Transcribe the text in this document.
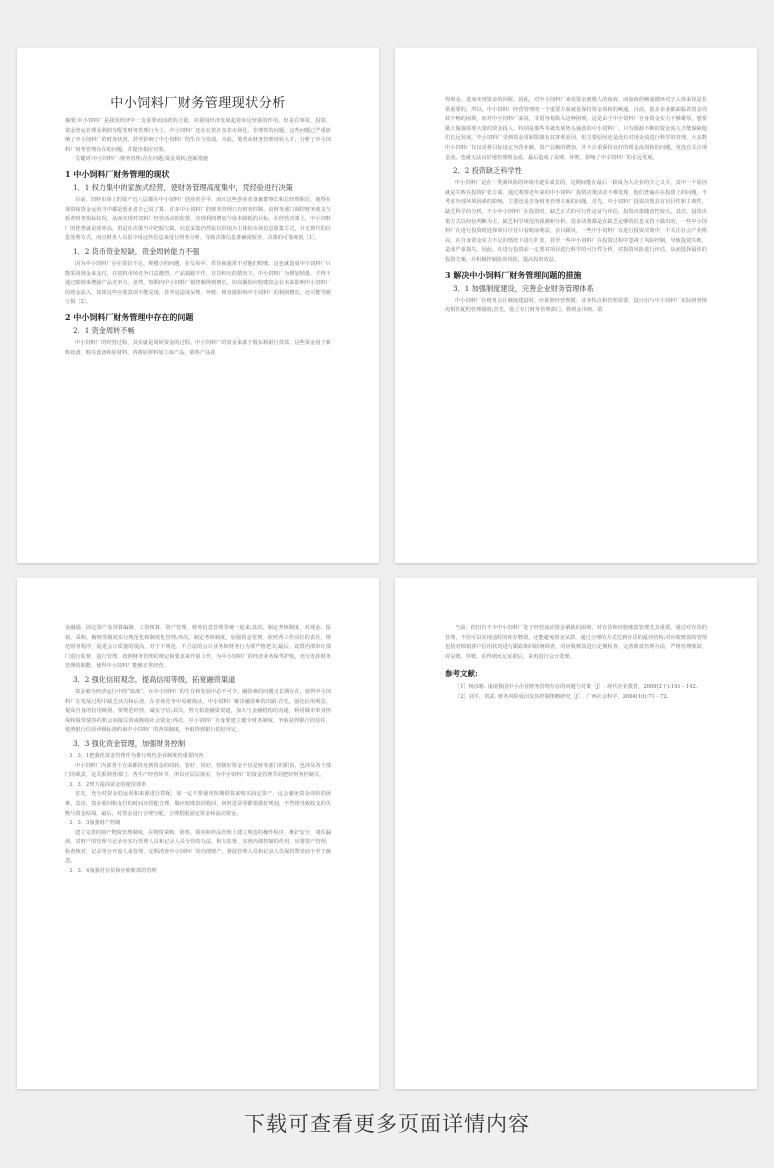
中小饲料厂财务管理现状分析

摘要:中小饲料厂是我国经济中一支重要而活跃的力量，对我国经济发展起着举足轻重的作用。但是在筹资、投资、资金营运管理及利润分配等财务管理行为上，中小饲料厂还存在着许多非市场化、非理性的问题，这些问题已严重影响了中小饲料厂的财务状况，甚至影响了中小饲料厂的生存与发展。为此，笔者从财务管理现状入手，分析了中小饲料厂财务管理存在的问题，并提出相应对策。

关键词:中小饲料厂;财务管理;存在问题;资金周转;创新措施

1 中小饲料厂财务管理的现状
1．1 权力集中的家族式经营，使财务管理高度集中，凭经验进行决策

目前，饲料市场上的资产近八层都在中小饲料厂创业者手中，而且这些创业者身兼董事长和总经理职位，使得在筹资和资金运用当中都是创业者自己说了算，许多中小饲料厂的财务管理只有财务控制，由财务部门调控财务收支与检查财务指标状况，从而实现对饲料厂经营活动的监督，实现利润增加与成本降低的目标。在经营决策上，中小饲料厂的优势就是效率高，但是在决策当中把握欠缺，信息采集仍然是以供销为主体的市场信息收集方式，并无现代的信息处理方式，而且财务人员很少用这些信息来进行财务分析，导致决策信息准确度较差，决策的可靠度低［1］。

1．2 货币资金短缺，资金周转能力不强

因为中小饲料厂存在资信不足、规模小的问题，在交易中，供货商通常不对他们赊账，这也就造成中小饲料厂只能采用现金来支付，在饲料市场竞争日益激烈，产品销路不佳，存货积压的情况下，中小饲料厂为增加销量，不得不通过赊销来增强产品竞争力。虽然，短期内中小饲料厂销售额得到增长，但高额的应收账款会在未来影响中小饲料厂的现金流入，如果这些应收款项不能兑现，甚至是造成呆账、坏账，将直接影响中小饲料厂的利润增长，还可能导致亏损［2］。

2 中小饲料厂财务管理中存在的问题
2．1 资金周转不畅

中小饲料厂的经营过程，其实就是周转资金的过程。中小饲料厂的资金来源于股东和银行贷款，这些资金用于新购设备，购买设备和原材料，再将原材料加工成产品，销售产品获

得现金，进而实现资金的回收。因此，对中小饲料厂来说资金就像人的血液，而血液的畅通循环对于人体来说是非常重要的。所以，中小饲料厂经营管理的一个重要方面就是保持资金周转的畅通。目前，很多企业都面临着资金周转不畅的困境，而对中小饲料厂来说，非常容易陷入这种困境。这是由于中小饲料厂自身资金实力不够雄厚，想要做大做强需要大量的资金投入，特别是那些本就发展势头强劲的中小饲料厂，只有源源不断的资金流入才能保障他们长远发展。中小饲料厂受到资金周转限制有其客观原因，但主要原因还是没有对现金流进行科学的管理。大多数中小饲料厂仅仅是将目标设定为营业额，资产总额的增加，并不注重保持良好的现金流周转的问题，更没有关注现金流，也就无法良好地管理现金流，最后造成了呆账、坏账，影响了中小饲料厂的长远发展。

2．2 投资缺乏科学性

中小饲料厂是在一类满风险的环境中逐步成长的，这期间能在最后一跃成为大企业的少之又少，其中一个原因就是失败在投资扩张方面，通过观察近年来的中小饲料厂投资决策活动不难发现，他们普遍存在投资上的问题，不考虑外部环境因素的影响，主要还是自身财务管理方面的问题。首先，中小饲料厂投资决策具有盲目性和主观性，缺乏科学的分析，不少中小饲料厂在投资时，缺乏正式的可行性论证与评估，投资决策随意性较大。其次，投资决策方式以经验判断为主，缺乏科学规范的预测和分析，很多决策都是在缺乏足够的信息支持下做出的，一些中小饲料厂在进行投资时选择项目往往只看眼前利益，盲目跟风，一些中小饲料厂在进行投资决策中，不关注社会产业格局，在自身资金实力不足的情况下进行扩张，甚至一些中小饲料厂在投资过程中忽视了风险控制，导致投资失败，造成严重损失。因此，在进行投资前一定要对项目进行科学的可行性分析，对投资风险进行评估，从而选择最佳的投资方案，并积极控制投资风险，提高投资效益。

3 解决中小饲料厂财务管理问题的措施
3．1 加强制度建设，完善企业财务管理体系

中小饲料厂在财务会计制度建设时，应依照经营规模、业务特点和管理需要，设计出与中小饲料厂实际财务情况相匹配的管理制度;首先，设立专门财务管理部门，将现金出纳、资

金融通、固定资产及预算编制、工资核算、资产管理、财务信息管理等统一起来;其次，制定考核制度，对现金、报销、采购、稽核等制度实行规范化和制度化管理;再次，制定考核制度，加强资金管理，依照各工作岗位的责任，规范财务程序，促进会计质量的提高，对于不规范、不合法的会计业务和财务行为要严格把关;最后，设置内部审计部门进行监督，进行管理，按照财务管理的规定和要求来开展工作，为中小饲料厂的经济业务保驾护航，充分发挥财务管理的职能，使得中小饲料厂能够正常经营。

3．2 强化信用观念，提高信用等级，拓宽融资渠道

资金被为经济运行中的“血液”，在中小饲料厂的生存和发展中必不可少。融资难的问题又长期存在，使得中小饲料厂在发展过程中缺乏活力和后劲，在市场竞争中易被淘汰。中小饲料厂解决融资难的出路:首先，强化信用观念，提高自身的信用级别，要规范经营，诚实守信;其次，努力拓宽融资渠道，加大与金融机构的沟通，利用城市单身担保和股票债券的机会间接注资或吸收社会资金;再次，中小饲料厂自身要建立健全财务制度，争取获得银行的信任，依照银行信用评级标准约束中小饲料厂的各项制度，争取得到银行的好评定。

3．3 强化资金管理，加强财务控制
3．3．1把强化资金管理作为推行现代企业制度的重要内容

中小饲料厂内部各个方面都涉及到资金的周转，管好、用好、控制好资金不仅是财务部门的职责，也涉及各个部门的职责，这关系到各部门、各生产经营环节，所以应层层落实，为中小饲料厂的资金管理共同把好财务控制关。

3．3．2努力提高资金的使用效率

首先，充分对资金的运用和来源进行搭配，如一定不要使用短期借款来购买固定资产，这会避免资金周转的困难。其次，资金收回和支付的时间应搭配合理。做应收账款回收回，何时进货等都要做好规划，不然将导致收支的失衡与资金枯竭，最后，对资金进行合理分配，合理搭配固定资金和流动资金。

3．3．3加强财产控制

建立完善的财产物资管理制度，在物资采购、销售、领用和样品管理上建立规范的操作程序，维护安全，堵住漏洞。对财产的管理与记录应实行管理人员和记录人员分管的办法，相互监督，实现内部控制的作用，应将资产管理，检查核对，记录等分开设人来管理，定期清查中小饲料厂的内部财产，督促管理人员和记录人员保持警觉而不至于疏忽。

3．3．4加强对存货和应收账款的管理

当前，但旧有不少中小饲料厂处于经营流动资金紧缺的困境，对存货和应收账款管理尤其重要。通过对存货的管理，不但可以实现适时的库存物资，还能避免资金呆滞，通过合理的方式达到存货的最佳结构;对应收账款的管理包括对赊销客户信用状况进行跟踪和回收统调查，对应收账款进行定期检查，完善收款管理办法，严格管理账款，对呆账、坏账，在得到允足证据后，采再进行会计处理。

参考文献:

［1］杨彦彬. 浅谈我国中小企业财务管理存在的问题与对策［J］. 现代企业教育，2009(2下):141－142.

［2］刘平，贺武. 财务风险成因及其控制策略研究［J］. 广西社会科学，2004(10):71－72.

下载可查看更多页面详情内容
